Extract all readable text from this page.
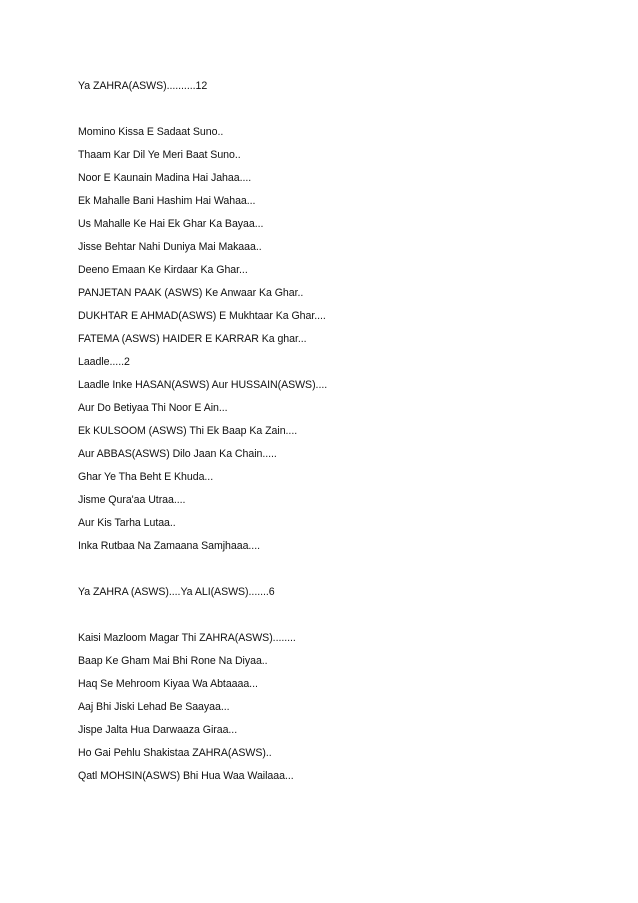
Ya ZAHRA(ASWS)..........12
Momino Kissa E Sadaat Suno..
Thaam Kar Dil Ye Meri Baat Suno..
Noor E Kaunain Madina Hai Jahaa....
Ek Mahalle Bani Hashim Hai Wahaa...
Us Mahalle Ke Hai Ek Ghar Ka Bayaa...
Jisse Behtar Nahi Duniya Mai Makaaa..
Deeno Emaan Ke Kirdaar Ka Ghar...
PANJETAN PAAK (ASWS) Ke Anwaar Ka Ghar..
DUKHTAR E AHMAD(ASWS) E Mukhtaar Ka Ghar....
FATEMA (ASWS) HAIDER E KARRAR Ka ghar...
Laadle.....2
Laadle Inke HASAN(ASWS) Aur HUSSAIN(ASWS)....
Aur Do Betiyaa Thi Noor E Ain...
Ek KULSOOM (ASWS) Thi Ek Baap Ka Zain....
Aur ABBAS(ASWS) Dilo Jaan Ka Chain.....
Ghar Ye Tha Beht E Khuda...
Jisme Qura'aa Utraa....
Aur Kis Tarha Lutaa..
Inka Rutbaa Na Zamaana Samjhaaa....
Ya ZAHRA (ASWS)....Ya ALI(ASWS).......6
Kaisi Mazloom Magar Thi ZAHRA(ASWS)........
Baap Ke Gham Mai Bhi Rone Na Diyaa..
Haq Se Mehroom Kiyaa Wa Abtaaaa...
Aaj Bhi Jiski Lehad Be Saayaa...
Jispe Jalta Hua Darwaaza Giraa...
Ho Gai Pehlu Shakistaa ZAHRA(ASWS)..
Qatl MOHSIN(ASWS) Bhi Hua Waa Wailaaa...
